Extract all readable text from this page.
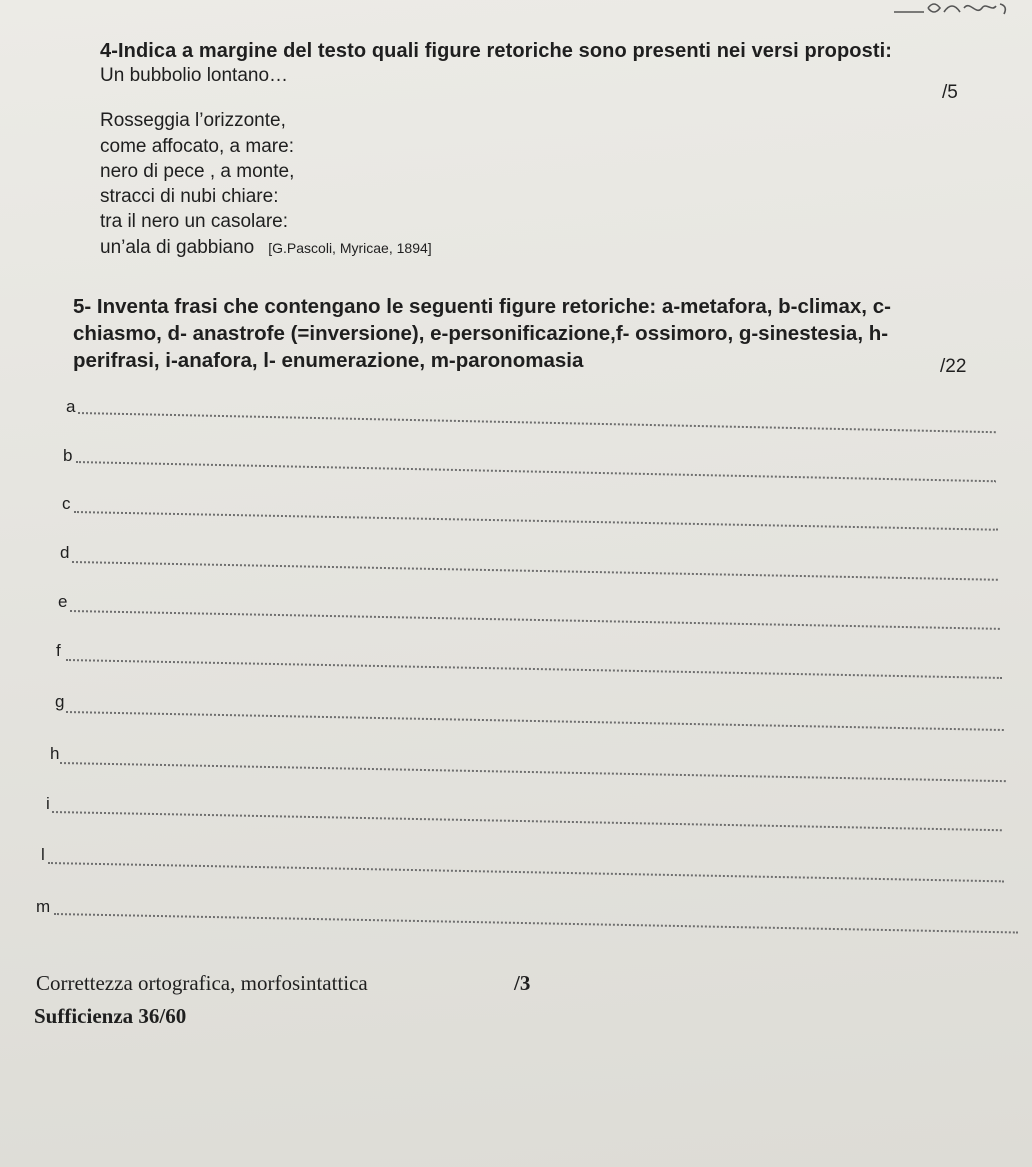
4-Indica a margine del testo quali figure retoriche sono presenti nei versi proposti:
/5
Un bubbolio lontano…
Rosseggia l’orizzonte,
come affocato, a mare:
nero di pece , a monte,
stracci di nubi chiare:
tra il nero un casolare:
un’ala di gabbiano [G.Pascoli, Myricae, 1894]
5- Inventa frasi che contengano le seguenti figure retoriche: a-metafora, b-climax, c-
chiasmo, d- anastrofe (=inversione), e-personificazione,f- ossimoro, g-sinestesia, h-
perifrasi, i-anafora, l- enumerazione, m-paronomasia	/22
a
b
c
d
e
f
g
h
i
l
m
Correttezza ortografica, morfosintattica	/3
Sufficienza 36/60
